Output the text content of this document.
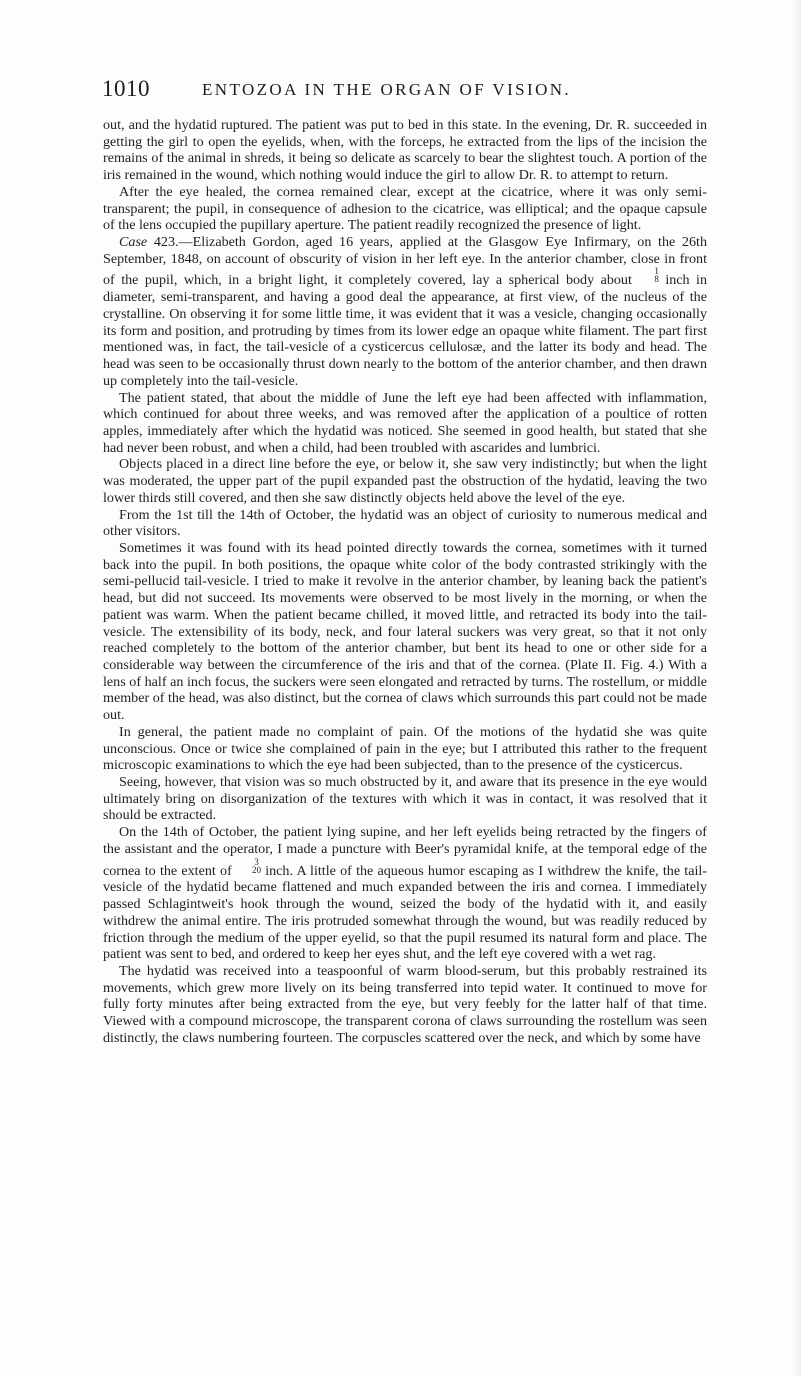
1010	ENTOZOA IN THE ORGAN OF VISION.

out, and the hydatid ruptured. The patient was put to bed in this state. In the evening, Dr. R. succeeded in getting the girl to open the eyelids, when, with the forceps, he extracted from the lips of the incision the remains of the animal in shreds, it being so delicate as scarcely to bear the slightest touch. A portion of the iris remained in the wound, which nothing would induce the girl to allow Dr. R. to attempt to return.

After the eye healed, the cornea remained clear, except at the cicatrice, where it was only semi-transparent; the pupil, in consequence of adhesion to the cicatrice, was elliptical; and the opaque capsule of the lens occupied the pupillary aperture. The patient readily recognized the presence of light.

Case 423.—Elizabeth Gordon, aged 16 years, applied at the Glasgow Eye Infirmary, on the 26th September, 1848, on account of obscurity of vision in her left eye. In the anterior chamber, close in front of the pupil, which, in a bright light, it completely covered, lay a spherical body about
1
8 inch in diameter, semi-transparent, and having a good deal the appearance, at first view, of the nucleus of the crystalline. On observing it for some little time, it was evident that it was a vesicle, changing occasionally its form and position, and protruding by times from its lower edge an opaque white filament. The part first mentioned was, in fact, the tail-vesicle of a cysticercus cellulosæ, and the latter its body and head. The head was seen to be occasionally thrust down nearly to the bottom of the anterior chamber, and then drawn up completely into the tail-vesicle.

The patient stated, that about the middle of June the left eye had been affected with inflammation, which continued for about three weeks, and was removed after the application of a poultice of rotten apples, immediately after which the hydatid was noticed. She seemed in good health, but stated that she had never been robust, and when a child, had been troubled with ascarides and lumbrici.

Objects placed in a direct line before the eye, or below it, she saw very indistinctly; but when the light was moderated, the upper part of the pupil expanded past the obstruction of the hydatid, leaving the two lower thirds still covered, and then she saw distinctly objects held above the level of the eye.

From the 1st till the 14th of October, the hydatid was an object of curiosity to numerous medical and other visitors.

Sometimes it was found with its head pointed directly towards the cornea, sometimes with it turned back into the pupil. In both positions, the opaque white color of the body contrasted strikingly with the semi-pellucid tail-vesicle. I tried to make it revolve in the anterior chamber, by leaning back the patient's head, but did not succeed. Its movements were observed to be most lively in the morning, or when the patient was warm. When the patient became chilled, it moved little, and retracted its body into the tail-vesicle. The extensibility of its body, neck, and four lateral suckers was very great, so that it not only reached completely to the bottom of the anterior chamber, but bent its head to one or other side for a considerable way between the circumference of the iris and that of the cornea. (Plate II. Fig. 4.) With a lens of half an inch focus, the suckers were seen elongated and retracted by turns. The rostellum, or middle member of the head, was also distinct, but the cornea of claws which surrounds this part could not be made out.

In general, the patient made no complaint of pain. Of the motions of the hydatid she was quite unconscious. Once or twice she complained of pain in the eye; but I attributed this rather to the frequent microscopic examinations to which the eye had been subjected, than to the presence of the cysticercus.

Seeing, however, that vision was so much obstructed by it, and aware that its presence in the eye would ultimately bring on disorganization of the textures with which it was in contact, it was resolved that it should be extracted.

On the 14th of October, the patient lying supine, and her left eyelids being retracted by the fingers of the assistant and the operator, I made a puncture with Beer's pyramidal knife, at the temporal edge of the cornea to the extent of
3
20 inch. A little of the aqueous humor escaping as I withdrew the knife, the tail-vesicle of the hydatid became flattened and much expanded between the iris and cornea. I immediately passed Schlagintweit's hook through the wound, seized the body of the hydatid with it, and easily withdrew the animal entire. The iris protruded somewhat through the wound, but was readily reduced by friction through the medium of the upper eyelid, so that the pupil resumed its natural form and place. The patient was sent to bed, and ordered to keep her eyes shut, and the left eye covered with a wet rag.

The hydatid was received into a teaspoonful of warm blood-serum, but this probably restrained its movements, which grew more lively on its being transferred into tepid water. It continued to move for fully forty minutes after being extracted from the eye, but very feebly for the latter half of that time. Viewed with a compound microscope, the transparent corona of claws surrounding the rostellum was seen distinctly, the claws numbering fourteen. The corpuscles scattered over the neck, and which by some have
